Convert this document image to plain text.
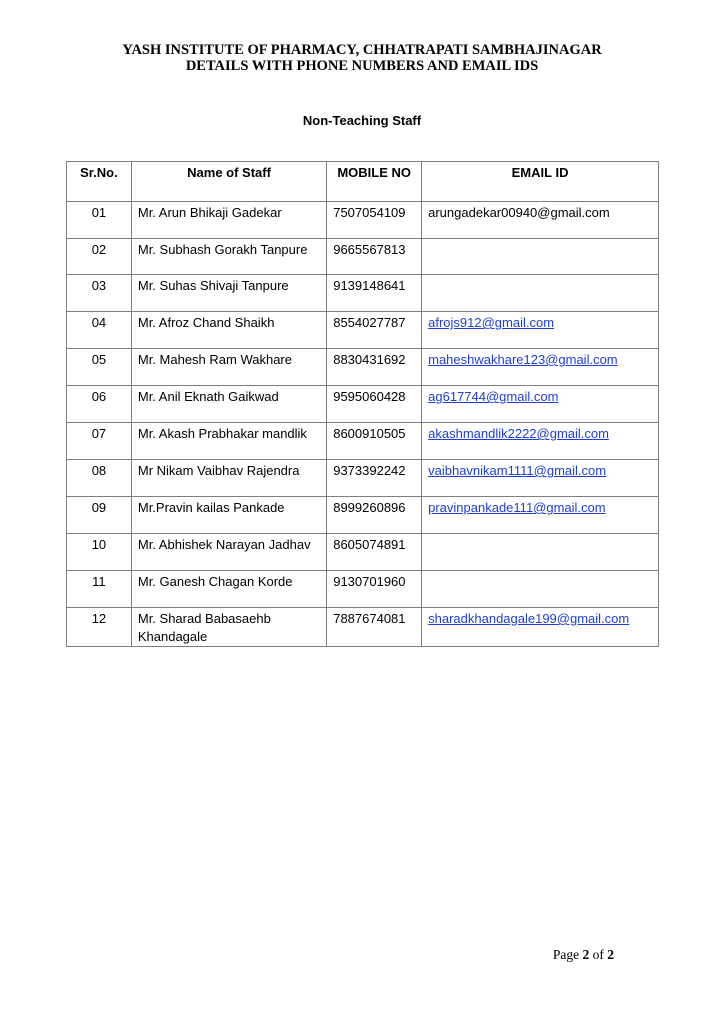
YASH INSTITUTE OF PHARMACY, CHHATRAPATI SAMBHAJINAGAR
DETAILS WITH PHONE NUMBERS AND EMAIL IDS
Non-Teaching Staff
Sr.No.	Name of Staff	MOBILE NO	EMAIL ID
01	Mr. Arun Bhikaji Gadekar	7507054109	arungadekar00940@gmail.com
02	Mr. Subhash Gorakh Tanpure	9665567813	
03	Mr. Suhas Shivaji Tanpure	9139148641	
04	Mr. Afroz Chand Shaikh	8554027787	afrojs912@gmail.com
05	Mr. Mahesh Ram Wakhare	8830431692	maheshwakhare123@gmail.com
06	Mr. Anil Eknath Gaikwad	9595060428	ag617744@gmail.com
07	Mr. Akash Prabhakar mandlik	8600910505	akashmandlik2222@gmail.com
08	Mr Nikam Vaibhav Rajendra	9373392242	vaibhavnikam1111@gmail.com
09	Mr.Pravin kailas Pankade	8999260896	pravinpankade111@gmail.com
10	Mr. Abhishek Narayan Jadhav	8605074891	
11	Mr. Ganesh Chagan Korde	9130701960	
12	Mr. Sharad Babasaehb Khandagale	7887674081	sharadkhandagale199@gmail.com
Page 2 of 2
